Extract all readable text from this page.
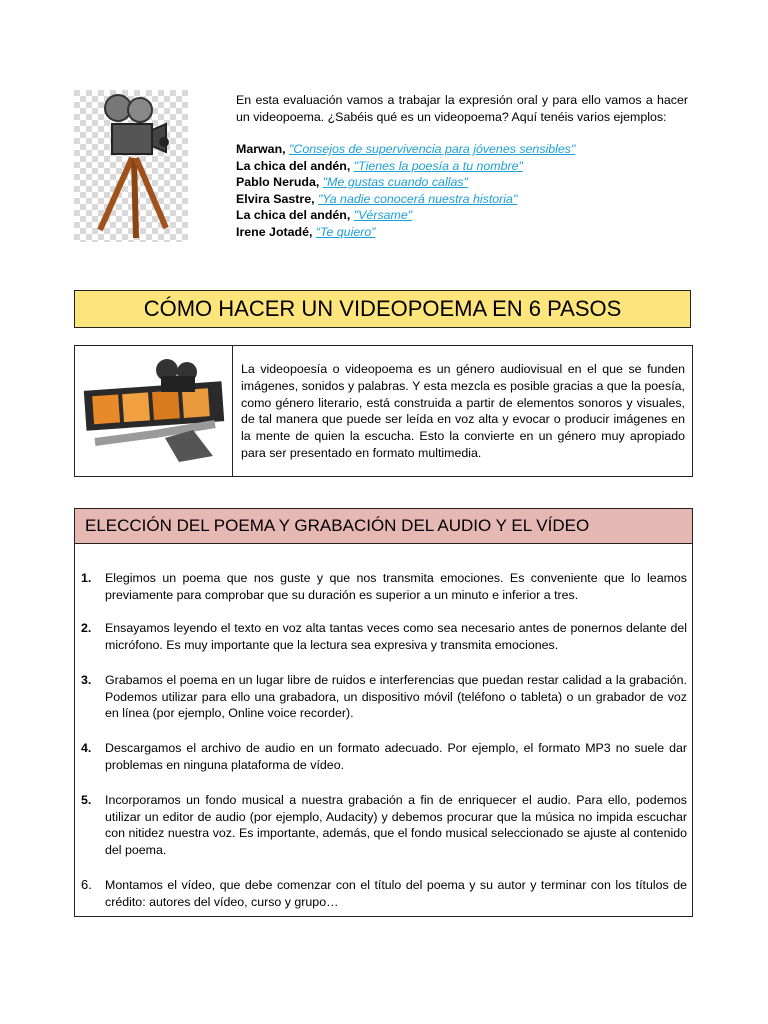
En esta evaluación vamos a trabajar la expresión oral y para ello vamos a hacer un videopoema. ¿Sabéis qué es un videopoema? Aquí tenéis varios ejemplos:

Marwan, "Consejos de supervivencia para jóvenes sensibles"
La chica del andén, "Tienes la poesía a tu nombre"
Pablo Neruda, "Me gustas cuando callas"
Elvira Sastre, "Ya nadie conocerá nuestra historia"
La chica del andén, "Vérsame"
Irene Jotadé, “Te quiero”
CÓMO HACER UN VIDEOPOEMA EN 6 PASOS
La videopoesía o videopoema es un género audiovisual en el que se funden imágenes, sonidos y palabras. Y esta mezcla es posible gracias a que la poesía, como género literario, está construida a partir de elementos sonoros y visuales, de tal manera que puede ser leída en voz alta y evocar o producir imágenes en la mente de quien la escucha. Esto la convierte en un género muy apropiado para ser presentado en formato multimedia.
ELECCIÓN DEL POEMA Y GRABACIÓN DEL AUDIO Y EL VÍDEO
1.	Elegimos un poema que nos guste y que nos transmita emociones. Es conveniente que lo leamos previamente para comprobar que su duración es superior a un minuto e inferior a tres.
2.	Ensayamos leyendo el texto en voz alta tantas veces como sea necesario antes de ponernos delante del micrófono. Es muy importante que la lectura sea expresiva y transmita emociones.
3.	Grabamos el poema en un lugar libre de ruidos e interferencias que puedan restar calidad a la grabación. Podemos utilizar para ello una grabadora, un dispositivo móvil (teléfono o tableta) o un grabador de voz en línea (por ejemplo, Online voice recorder).
4.	Descargamos el archivo de audio en un formato adecuado. Por ejemplo, el formato MP3 no suele dar problemas en ninguna plataforma de vídeo.
5.	Incorporamos un fondo musical a nuestra grabación a fin de enriquecer el audio. Para ello, podemos utilizar un editor de audio (por ejemplo, Audacity) y debemos procurar que la música no impida escuchar con nitidez nuestra voz. Es importante, además, que el fondo musical seleccionado se ajuste al contenido del poema.
6.	Montamos el vídeo, que debe comenzar con el título del poema y su autor y terminar con los títulos de crédito: autores del vídeo, curso y grupo…
